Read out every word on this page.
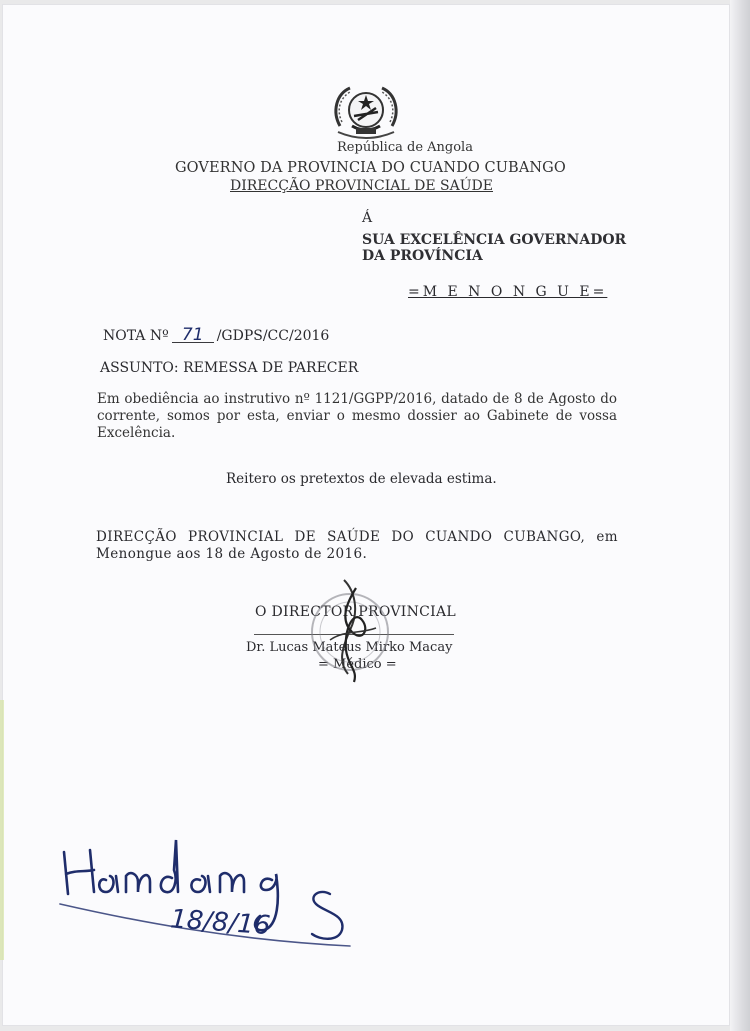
República de Angola
GOVERNO DA PROVINCIA DO CUANDO CUBANGO
DIRECÇÃO PROVINCIAL DE SAÚDE
Á
SUA EXCELÊNCIA GOVERNADOR
DA PROVÍNCIA
=M E N O N G U E=
NOTA Nº 71 /GDPS/CC/2016
ASSUNTO: REMESSA DE PARECER
Em obediência ao instrutivo nº 1121/GGPP/2016, datado de 8 de Agosto do corrente, somos por esta, enviar o mesmo dossier ao Gabinete de vossa Excelência.
Reitero os pretextos de elevada estima.
DIRECÇÃO PROVINCIAL DE SAÚDE DO CUANDO CUBANGO, em Menongue aos 18 de Agosto de 2016.
O DIRECTOR PROVINCIAL
Dr. Lucas Mateus Mirko Macay
= Médico =
18/8/16
